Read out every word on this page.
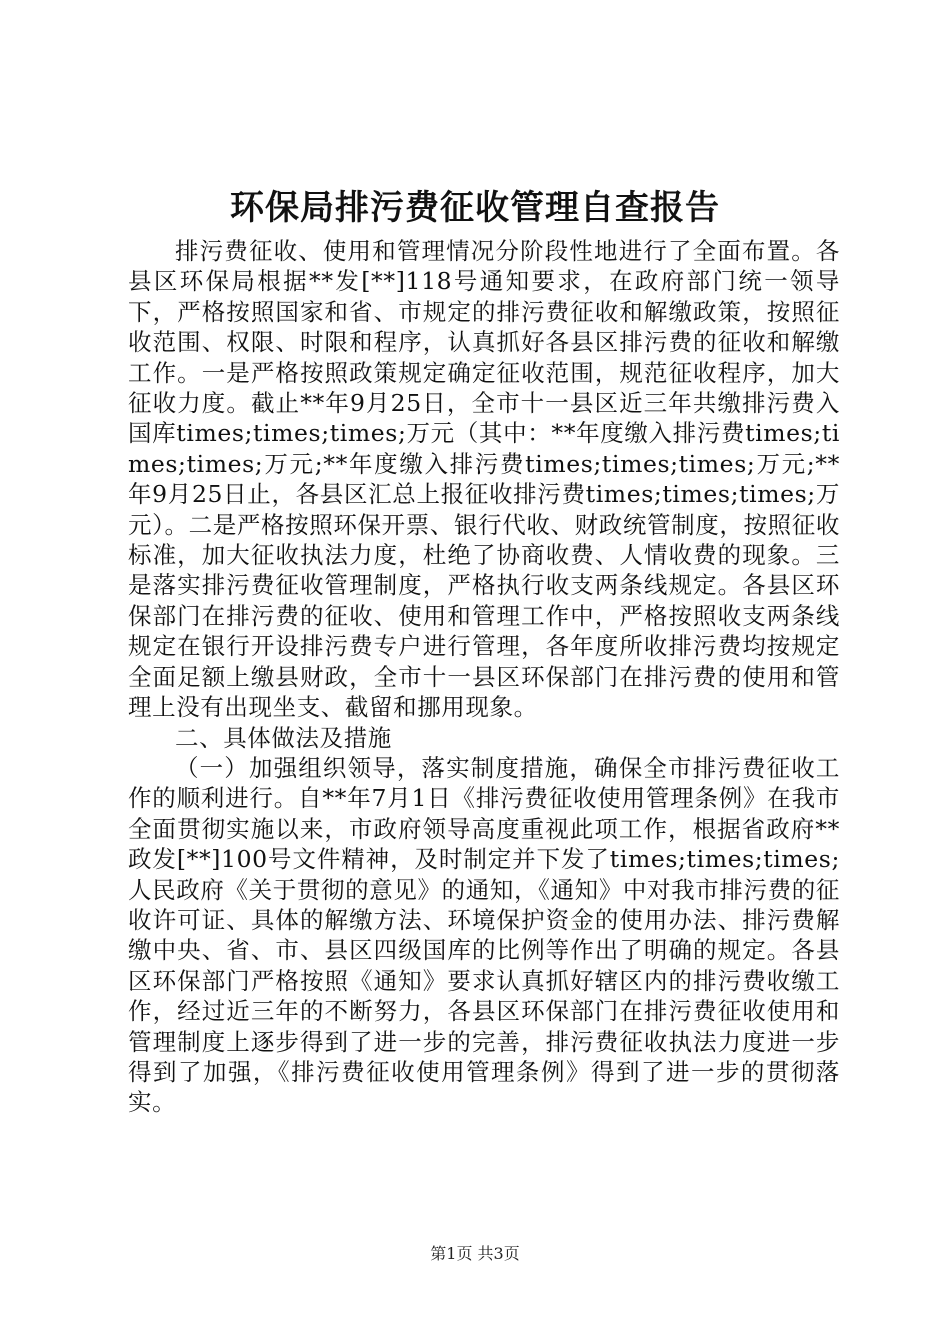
环保局排污费征收管理自查报告

排污费征收、使用和管理情况分阶段性地进行了全面布置。各县区环保局根据**发[**]118号通知要求，在政府部门统一领导下，严格按照国家和省、市规定的排污费征收和解缴政策，按照征收范围、权限、时限和程序，认真抓好各县区排污费的征收和解缴工作。一是严格按照政策规定确定征收范围，规范征收程序，加大征收力度。截止**年9月25日，全市十一县区近三年共缴排污费入国库times;times;times;万元（其中：**年度缴入排污费times;times;times;万元;**年度缴入排污费times;times;times;万元;**年9月25日止，各县区汇总上报征收排污费times;times;times;万元）。二是严格按照环保开票、银行代收、财政统管制度，按照征收标准，加大征收执法力度，杜绝了协商收费、人情收费的现象。三是落实排污费征收管理制度，严格执行收支两条线规定。各县区环保部门在排污费的征收、使用和管理工作中，严格按照收支两条线规定在银行开设排污费专户进行管理，各年度所收排污费均按规定全面足额上缴县财政，全市十一县区环保部门在排污费的使用和管理上没有出现坐支、截留和挪用现象。

二、具体做法及措施

（一）加强组织领导，落实制度措施，确保全市排污费征收工作的顺利进行。自**年7月1日《排污费征收使用管理条例》在我市全面贯彻实施以来，市政府领导高度重视此项工作，根据省政府**政发[**]100号文件精神，及时制定并下发了times;times;times;人民政府《关于贯彻的意见》的通知，《通知》中对我市排污费的征收许可证、具体的解缴方法、环境保护资金的使用办法、排污费解缴中央、省、市、县区四级国库的比例等作出了明确的规定。各县区环保部门严格按照《通知》要求认真抓好辖区内的排污费收缴工作，经过近三年的不断努力，各县区环保部门在排污费征收使用和管理制度上逐步得到了进一步的完善，排污费征收执法力度进一步得到了加强，《排污费征收使用管理条例》得到了进一步的贯彻落实。

第1页 共3页
